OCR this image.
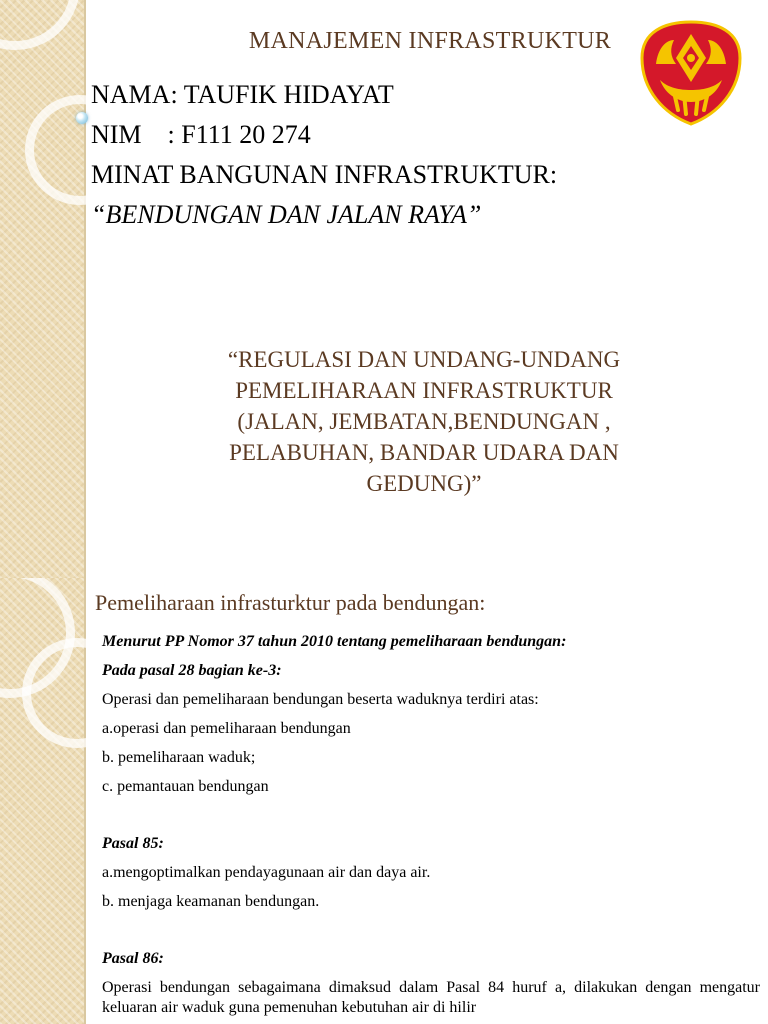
MANAJEMEN INFRASTRUKTUR
NAMA: TAUFIK HIDAYAT
NIM    : F111 20 274
MINAT BANGUNAN INFRASTRUKTUR:
“BENDUNGAN DAN JALAN RAYA”
“REGULASI DAN UNDANG-UNDANG
PEMELIHARAAN INFRASTRUKTUR
(JALAN, JEMBATAN,BENDUNGAN ,
PELABUHAN, BANDAR UDARA DAN
GEDUNG)”
Pemeliharaan infrasturktur pada bendungan:

Menurut PP Nomor 37 tahun 2010 tentang pemeliharaan bendungan:

Pada pasal 28 bagian ke-3:

Operasi dan pemeliharaan bendungan beserta waduknya terdiri atas:

a.operasi dan pemeliharaan bendungan

b. pemeliharaan waduk;

c. pemantauan bendungan

Pasal 85:

a.mengoptimalkan pendayagunaan air dan daya air.

b. menjaga keamanan bendungan.

Pasal 86:

Operasi bendungan sebagaimana dimaksud dalam Pasal 84 huruf a, dilakukan dengan mengatur keluaran air waduk guna pemenuhan kebutuhan air di hilir
